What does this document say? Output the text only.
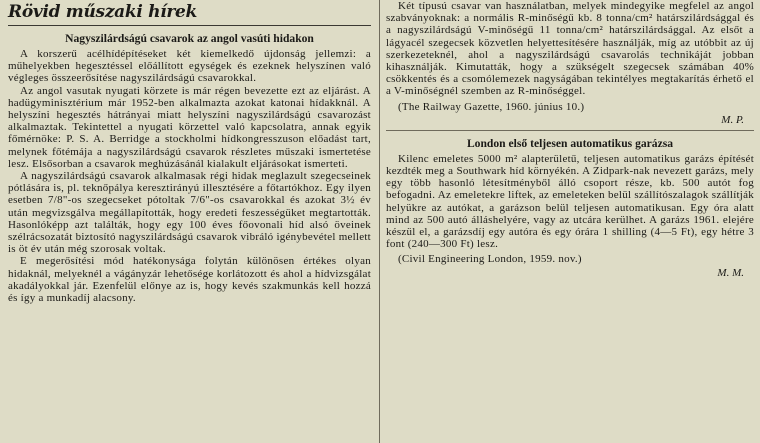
Rövid műszaki hírek
Nagyszilárdságú csavarok az angol vasúti hidakon

A korszerű acélhídépítéseket két kiemelkedő újdonság jellemzi: a műhelyekben hegesztéssel előállított egységek és ezeknek helyszínen való végleges összeerősítése nagyszilárdságú csavarokkal.

Az angol vasutak nyugati körzete is már régen bevezette ezt az eljárást. A hadügyminisztérium már 1952-ben alkalmazta azokat katonai hídakknál. A helyszíni hegesztés hátrányai miatt helyszíni nagyszilárdságú csavarozást alkalmaztak. Tekintettel a nyugati körzettel való kapcsolatra, annak egyik főmérnöke: P. S. A. Berridge a stockholmi hídkongresszuson előadást tart, melynek főtémája a nagyszilárdságú csavarok részletes műszaki ismertetése lesz. Elsősorban a csavarok meghúzásánál kialakult eljárásokat ismerteti.

A nagyszilárdságú csavarok alkalmasak régi hidak meglazult szegecseinek pótlására is, pl. teknőpálya keresztirányú illesztésére a főtartókhoz. Egy ilyen esetben 7/8"-os szegecseket pótoltak 7/6"-os csavarokkal és azokat 3½ év után megvizsgálva megállapították, hogy eredeti feszességüket megtartották. Hasonlóképp azt találták, hogy egy 100 éves főovonali híd alsó öveinek szélrácsozatát biztosító nagyszilárdságú csavarok vibráló igénybevétel mellett is öt év után még szorosak voltak.

E megerősítési mód hatékonysága folytán különösen értékes olyan hidaknál, melyeknél a vágányzár lehetősége korlátozott és ahol a hídvizsgálat akadályokkal jár. Ezenfelül előnye az is, hogy kevés szakmunkás kell hozzá és így a munkadíj alacsony.

Két típusú csavar van használatban, melyek mindegyike megfelel az angol szabványoknak: a normális R-minőségű kb. 8 tonna/cm² határszilárdsággal és a nagyszilárdságú V-minőségű 11 tonna/cm² határszilárdsággal. Az elsőt a lágyacél szegecsek közvetlen helyettesítésére használják, míg az utóbbit az új szerkezeteknél, ahol a nagyszilárdságú csavarolás technikáját jobban kihasználják. Kimutatták, hogy a szükségelt szegecsek számában 40% csökkentés és a csomólemezek nagyságában tekintélyes megtakarítás érhető el a V-minőségnél szemben az R-minőséggel.

(The Railway Gazette, 1960. június 10.)

M. P.
London első teljesen automatikus garázsa

Kilenc emeletes 5000 m² alapterületű, teljesen automatikus garázs építését kezdték meg a Southwark híd környékén. A Zidpark-nak nevezett garázs, mely egy több hasonló létesítményből álló csoport része, kb. 500 autót fog befogadni. Az emeletekre liftek, az emeleteken belül szállítószalagok szállítják helyükre az autókat, a garázson belül teljesen automatikusan. Egy óra alatt mind az 500 autó álláshelyére, vagy az utcára kerülhet. A garázs 1961. elejére készül el, a garázsdíj egy autóra és egy órára 1 shilling (4—5 Ft), egy hétre 3 font (240—300 Ft) lesz.

(Civil Engineering London, 1959. nov.)

M. M.
